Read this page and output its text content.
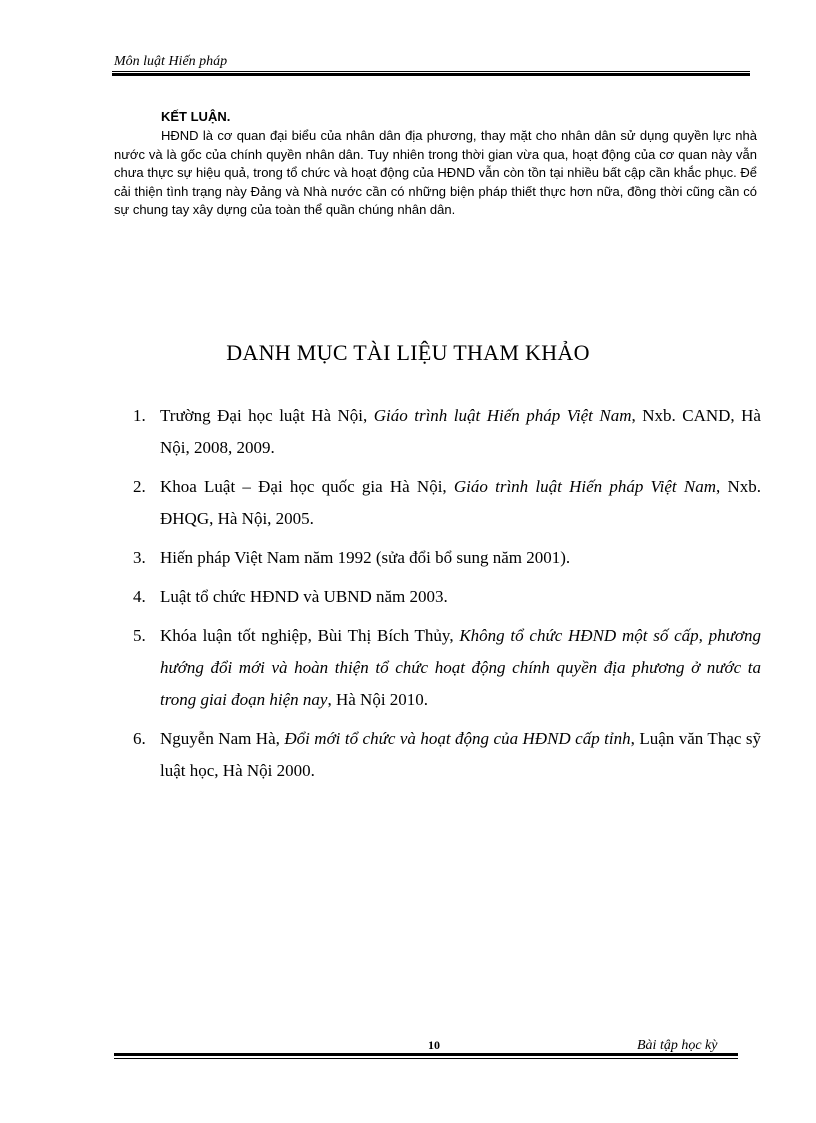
Môn luật Hiến pháp
KẾT LUẬN.

HĐND là cơ quan đại biểu của nhân dân địa phương, thay mặt cho nhân dân sử dụng quyền lực nhà nước và là gốc của chính quyền nhân dân. Tuy nhiên trong thời gian vừa qua, hoạt động của cơ quan này vẫn chưa thực sự hiệu quả, trong tổ chức và hoạt động của HĐND vẫn còn tồn tại nhiều bất cập cần khắc phục. Để cải thiện tình trạng này Đảng và Nhà nước cần có những biện pháp thiết thực hơn nữa, đồng thời cũng cần có sự chung tay xây dựng của toàn thể quần chúng nhân dân.

DANH MỤC TÀI LIỆU THAM KHẢO
1. Trường Đại học luật Hà Nội, Giáo trình luật Hiến pháp Việt Nam, Nxb. CAND, Hà Nội, 2008, 2009.
2. Khoa Luật – Đại học quốc gia Hà Nội, Giáo trình luật Hiến pháp Việt Nam, Nxb. ĐHQG, Hà Nội, 2005.
3. Hiến pháp Việt Nam năm 1992 (sửa đổi bổ sung năm 2001).
4. Luật tổ chức HĐND và UBND năm 2003.
5. Khóa luận tốt nghiệp, Bùi Thị Bích Thủy, Không tổ chức HĐND một số cấp, phương hướng đổi mới và hoàn thiện tổ chức hoạt động chính quyền địa phương ở nước ta trong giai đoạn hiện nay, Hà Nội 2010.
6. Nguyễn Nam Hà, Đổi mới tổ chức và hoạt động của HĐND cấp tỉnh, Luận văn Thạc sỹ luật học, Hà Nội 2000.
10	Bài tập học kỳ
